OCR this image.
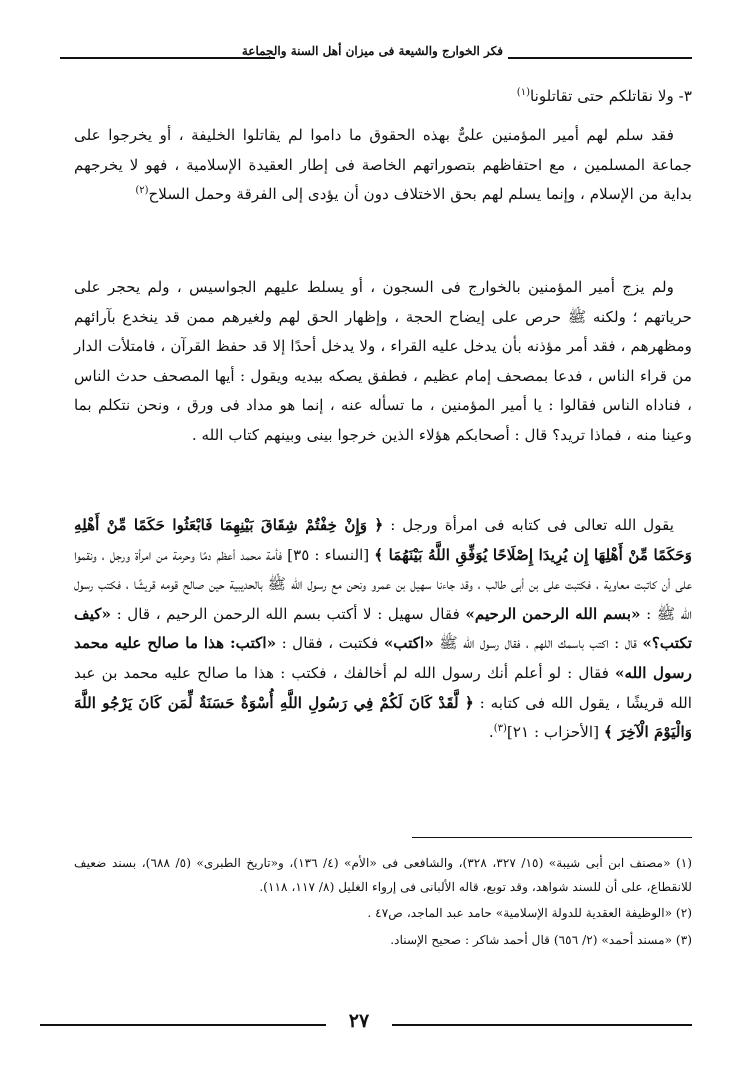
فكر الخوارج والشيعة فى ميزان أهل السنة والجماعة

٣- ولا نقاتلكم حتى تقاتلونا$^{(١)}$

فقد سلم لهم أمير المؤمنين علىٌّ بهذه الحقوق ما داموا لم يقاتلوا الخليفة ، أو يخرجوا على جماعة المسلمين ، مع احتفاظهم بتصوراتهم الخاصة فى إطار العقيدة الإسلامية ، فهو لا يخرجهم بداية من الإسلام ، وإنما يسلم لهم بحق الاختلاف دون أن يؤدى إلى الفرقة وحمل السلاح$^{(٢)}$

ولم يزج أمير المؤمنين بالخوارج فى السجون ، أو يسلط عليهم الجواسيس ، ولم يحجر على حرياتهم ؛ ولكنه ﷺ حرص على إيضاح الحجة ، وإظهار الحق لهم ولغيرهم ممن قد ينخدع بآرائهم ومظهرهم ، فقد أمر مؤذنه بأن يدخل عليه القراء ، ولا يدخل أحدًا إلا قد حفظ القرآن ، فامتلأت الدار من قراء الناس ، فدعا بمصحف إمام عظيم ، فطفق يصكه بيديه ويقول : أيها المصحف حدث الناس ، فناداه الناس فقالوا : يا أمير المؤمنين ، ما تسأله عنه ، إنما هو مداد فى ورق ، ونحن نتكلم بما وعينا منه ، فماذا تريد؟ قال : أصحابكم هؤلاء الذين خرجوا بينى وبينهم كتاب الله .

يقول الله تعالى فى كتابه فى امرأة ورجل : ﴿ وَإِنْ خِفْتُمْ شِقَاقَ بَيْنِهِمَا فَابْعَثُوا حَكَمًا مِّنْ أَهْلِهِ وَحَكَمًا مِّنْ أَهْلِهَا إِن يُرِيدَا إِصْلَاحًا يُوَفِّقِ اللَّهُ بَيْنَهُمَا ﴾ [النساء : ٣٥] فأمة محمد أعظم دمًا وحرمة من امرأة ورجل ، ونقموا على أن كاتبت معاوية ، فكتبت على بن أبى طالب ، وقد جاءنا سهيل بن عمرو ونحن مع رسول الله ﷺ بالحديبية حين صالح قومه قريشًا ، فكتب رسول الله ﷺ : «بسم الله الرحمن الرحيم» فقال سهيل : لا أكتب بسم الله الرحمن الرحيم ، قال : «كيف تكتب؟» قال : اكتب باسمك اللهم ، فقال رسول الله ﷺ «اكتب» فكتبت ، فقال : «اكتب: هذا ما صالح عليه محمد رسول الله» فقال : لو أعلم أنك رسول الله لم أخالفك ، فكتب : هذا ما صالح عليه محمد بن عبد الله قريشًا ، يقول الله فى كتابه : ﴿ لَّقَدْ كَانَ لَكُمْ فِي رَسُولِ اللَّهِ أُسْوَةٌ حَسَنَةٌ لِّمَن كَانَ يَرْجُو اللَّهَ وَالْيَوْمَ الْآخِرَ ﴾ [الأحزاب : ٢١]$^{(٣)}$.

(١) «مصنف ابن أبى شيبة» (١٥/ ٣٢٧، ٣٢٨)، والشافعى فى «الأم» (٤/ ١٣٦)، و«تاريخ الطبرى» (٥/ ٦٨٨)، بسند ضعيف للانقطاع، على أن للسند شواهد، وقد توبع، قاله الألبانى فى إرواء الغليل (٨/ ١١٧، ١١٨).

(٢) «الوظيفة العقدية للدولة الإسلامية» حامد عبد الماجد، ص٤٧ .

(٣) «مسند أحمد» (٢/ ٦٥٦) قال أحمد شاكر : صحيح الإسناد.

٢٧
